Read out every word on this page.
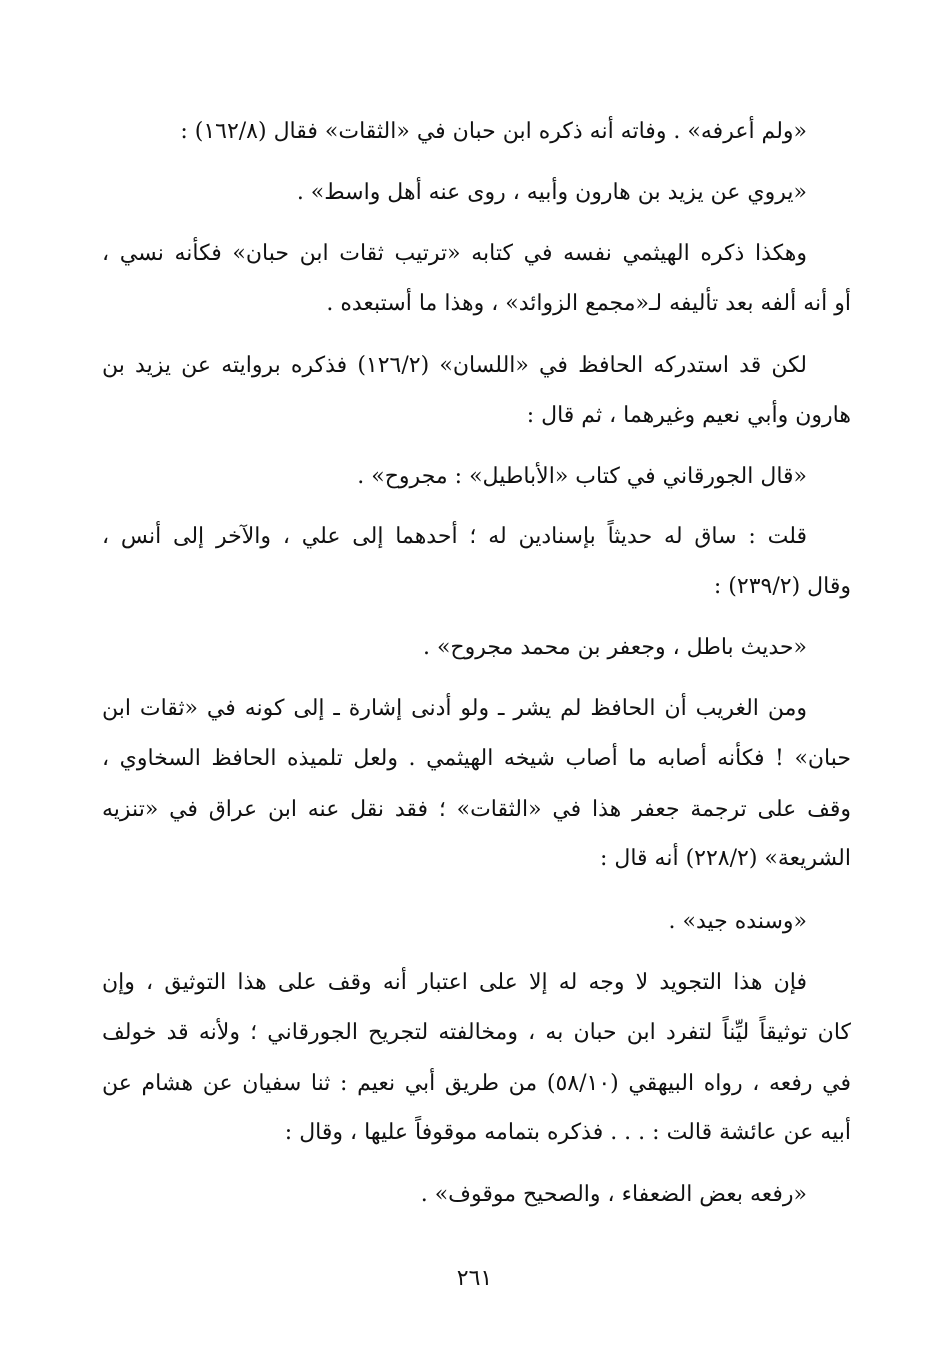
«ولم أعرفه» . وفاته أنه ذكره ابن حبان في «الثقات» فقال (١٦٢/٨) :
«يروي عن يزيد بن هارون وأبيه ، روى عنه أهل واسط» .
وهكذا ذكره الهيثمي نفسه في كتابه «ترتيب ثقات ابن حبان» فكأنه نسي ،
أو أنه ألفه بعد تأليفه لـ«مجمع الزوائد» ، وهذا ما أستبعده .
لكن قد استدركه الحافظ في «اللسان» (١٢٦/٢) فذكره بروايته عن يزيد بن
هارون وأبي نعيم وغيرهما ، ثم قال :
«قال الجورقاني في كتاب «الأباطيل» : مجروح» .
قلت : ساق له حديثاً بإسنادين له ؛ أحدهما إلى علي ، والآخر إلى أنس ،
وقال (٢٣٩/٢) :
«حديث باطل ، وجعفر بن محمد مجروح» .
ومن الغريب أن الحافظ لم يشر ـ ولو أدنى إشارة ـ إلى كونه في «ثقات ابن
حبان» ! فكأنه أصابه ما أصاب شيخه الهيثمي . ولعل تلميذه الحافظ السخاوي ،
وقف على ترجمة جعفر هذا في «الثقات» ؛ فقد نقل عنه ابن عراق في «تنزيه
الشريعة» (٢٢٨/٢) أنه قال :
«وسنده جيد» .
فإن هذا التجويد لا وجه له إلا على اعتبار أنه وقف على هذا التوثيق ، وإن
كان توثيقاً ليِّناً لتفرد ابن حبان به ، ومخالفته لتجريح الجورقاني ؛ ولأنه قد خولف
في رفعه ، رواه البيهقي (٥٨/١٠) من طريق أبي نعيم : ثنا سفيان عن هشام عن
أبيه عن عائشة قالت : . . . فذكره بتمامه موقوفاً عليها ، وقال :
«رفعه بعض الضعفاء ، والصحيح موقوف» .
٢٦١
